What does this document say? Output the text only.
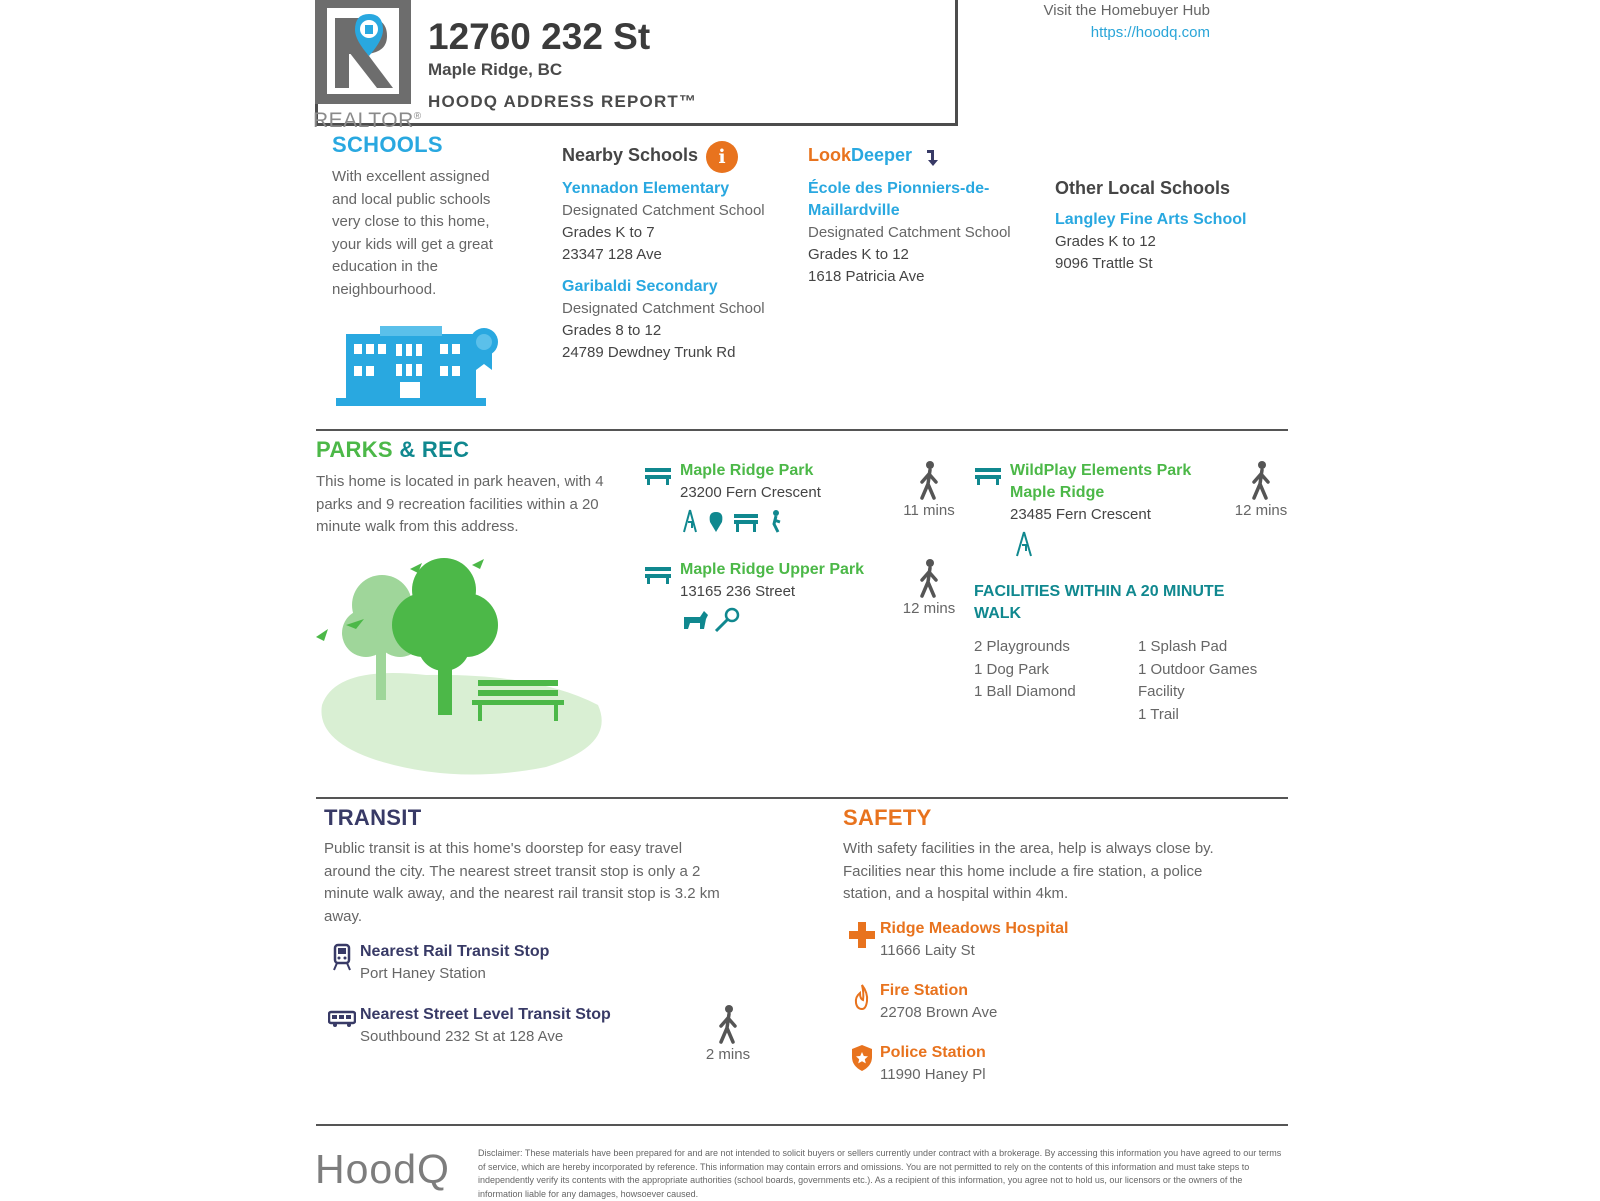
REALTOR®
12760 232 St
Maple Ridge, BC
HOODQ ADDRESS REPORT™
Visit the Homebuyer Hub
https://hoodq.com
SCHOOLS
With excellent assigned
and local public schools
very close to this home,
your kids will get a great
education in the
neighbourhood.
Nearby Schools	i
Yennadon Elementary
Designated Catchment School
Grades K to 7
23347 128 Ave
Garibaldi Secondary
Designated Catchment School
Grades 8 to 12
24789 Dewdney Trunk Rd
LookDeeper
École des Pionniers-de-
Maillardville
Designated Catchment School
Grades K to 12
1618 Patricia Ave
Other Local Schools
Langley Fine Arts School
Grades K to 12
9096 Trattle St
PARKS & REC
This home is located in park heaven, with 4
parks and 9 recreation facilities within a 20
minute walk from this address.
Maple Ridge Park
23200 Fern Crescent
11 mins
Maple Ridge Upper Park
13165 236 Street
12 mins
WildPlay Elements Park
Maple Ridge
23485 Fern Crescent	12 mins
FACILITIES WITHIN A 20 MINUTE
WALK
2 Playgrounds
1 Dog Park
1 Ball Diamond
1 Splash Pad
1 Outdoor Games
Facility
1 Trail
TRANSIT
Public transit is at this home's doorstep for easy travel
around the city. The nearest street transit stop is only a 2
minute walk away, and the nearest rail transit stop is 3.2 km
away.
Nearest Rail Transit Stop
Port Haney Station
Nearest Street Level Transit Stop
Southbound 232 St at 128 Ave
2 mins
SAFETY
With safety facilities in the area, help is always close by.
Facilities near this home include a fire station, a police
station, and a hospital within 4km.
Ridge Meadows Hospital
11666 Laity St
Fire Station
22708 Brown Ave
Police Station
11990 Haney Pl
HoodQ	Disclaimer: These materials have been prepared for and are not intended to solicit buyers or sellers currently under contract with a brokerage. By accessing this information you have agreed to our terms of service, which are hereby incorporated by reference. This information may contain errors and omissions. You are not permitted to rely on the contents of this information and must take steps to independently verify its contents with the appropriate authorities (school boards, governments etc.). As a recipient of this information, you agree not to hold us, our licensors or the owners of the information liable for any damages, howsoever caused.
